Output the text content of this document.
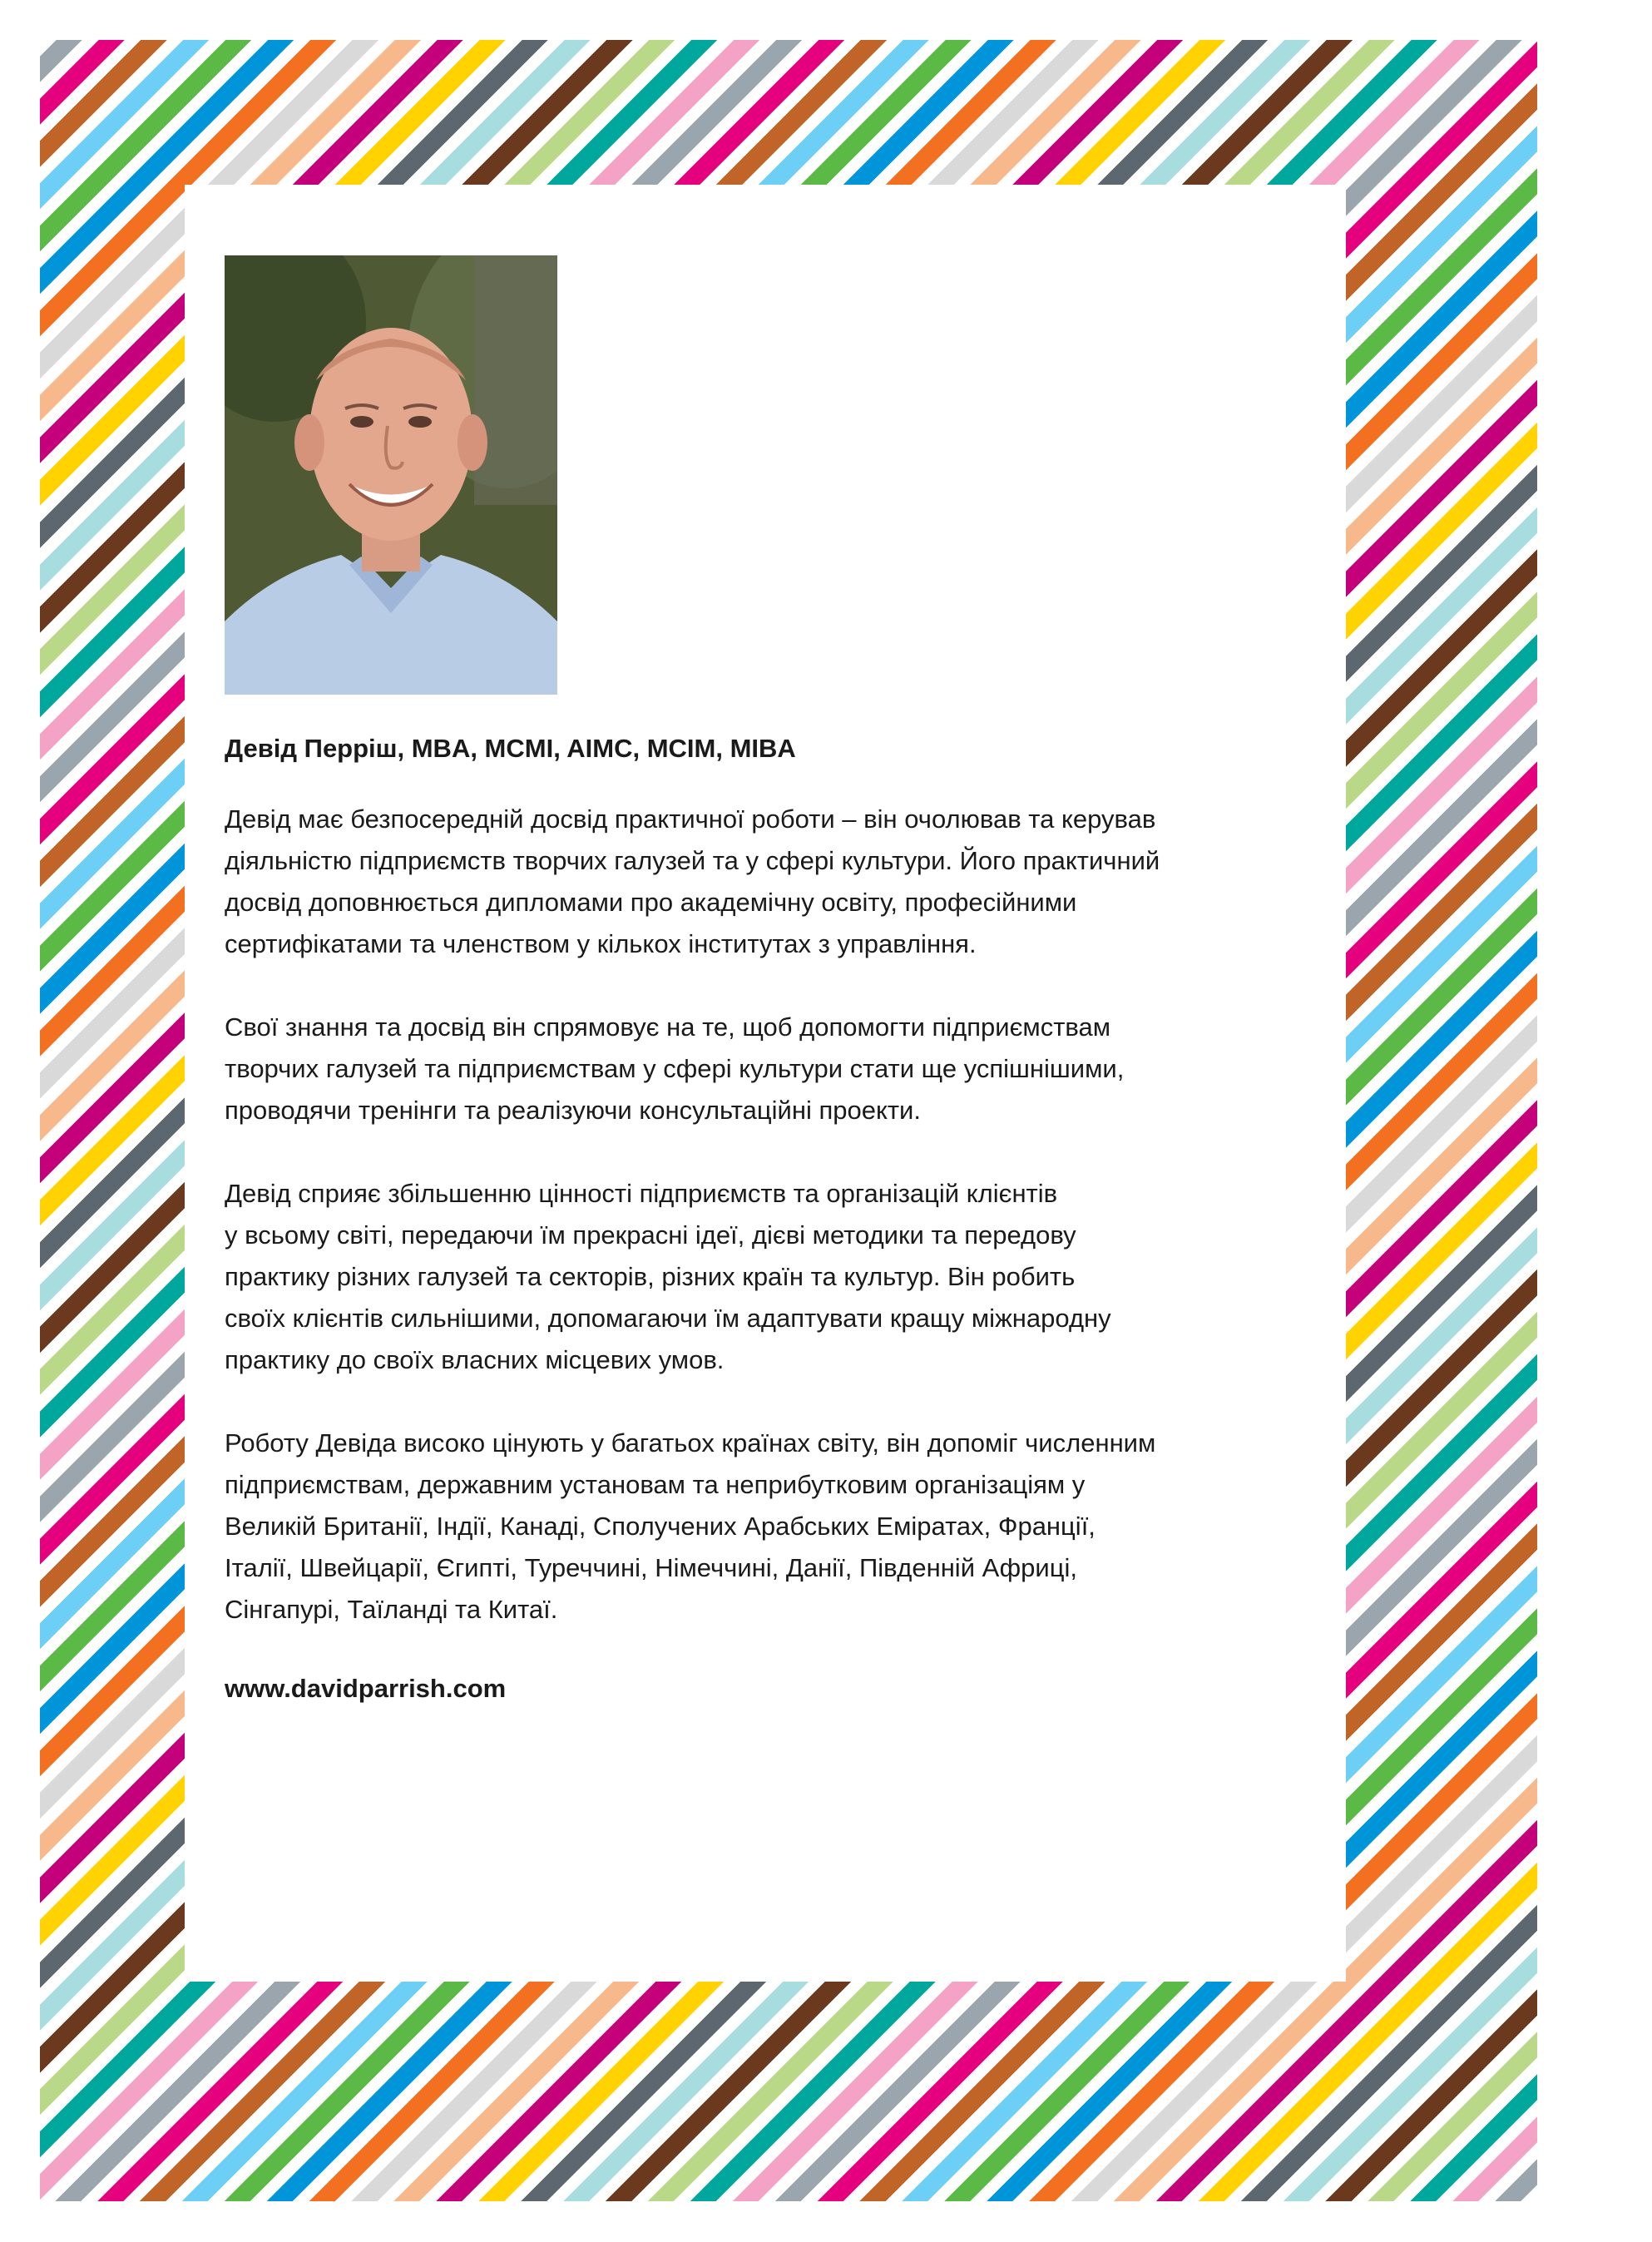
Девід Перріш, MBA, MCMI, AIMC, MCIM, MIBA

Девід має безпосередній досвід практичної роботи – він очолював та керував
діяльністю підприємств творчих галузей та у сфері культури. Його практичний
досвід доповнюється дипломами про академічну освіту, професійними
сертифікатами та членством у кількох інститутах з управління.

Свої знання та досвід він спрямовує на те, щоб допомогти підприємствам
творчих галузей та підприємствам у сфері культури стати ще успішнішими,
проводячи тренінги та реалізуючи консультаційні проекти.

Девід сприяє збільшенню цінності підприємств та організацій клієнтів
у всьому світі, передаючи їм прекрасні ідеї, дієві методики та передову
практику різних галузей та секторів, різних країн та культур. Він робить
своїх клієнтів сильнішими, допомагаючи їм адаптувати кращу міжнародну
практику до своїх власних місцевих умов.

Роботу Девіда високо цінують у багатьох країнах світу, він допоміг численним
підприємствам, державним установам та неприбутковим організаціям у
Великій Британії, Індії, Канаді, Сполучених Арабських Еміратах, Франції,
Італії, Швейцарії, Єгипті, Туреччині, Німеччині, Данії, Південній Африці,
Сінгапурі, Таїланді та Китаї.

www.davidparrish.com
